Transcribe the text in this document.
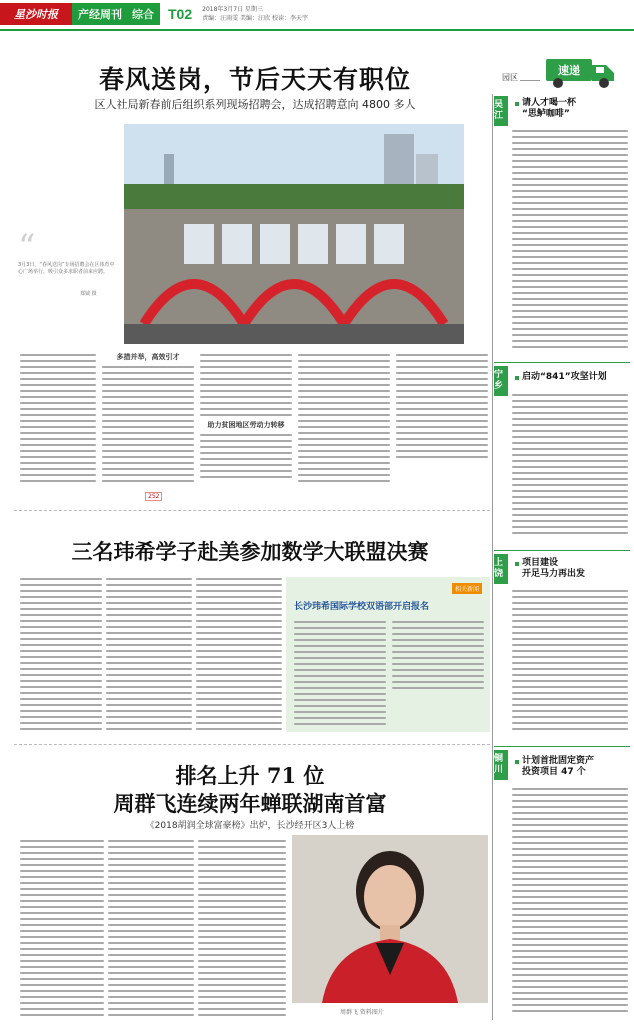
星沙时报	产经周刊 综合 T02 2018年3月7日 星期三
责编：汪雨雯 美编：汪欣 校读：李天宇
春风送岗，节后天天有职位
区人社局新春前后组织系列现场招聘会，达成招聘意向 4800 多人
“
3月3日，“春风送岗”专场招聘会在区体育中心广场举行，吸引众多求职者前来应聘。
郑钺 摄
多措并举，高效引才
助力贫困地区劳动力转移
252
三名玮希学子赴美参加数学大联盟决赛
相关新闻
长沙玮希国际学校双语部开启报名
排名上升 71 位
周群飞连续两年蝉联湖南首富
《2018胡润全球富豪榜》出炉，长沙经开区3人上榜
周群飞 资料图片
园区
速递
吴江
请人才喝一杯
“思鲈咖啡”
宁乡
启动“841”攻坚计划
上饶
项目建设
开足马力再出发
铜川
计划首批固定资产
投资项目 47 个
